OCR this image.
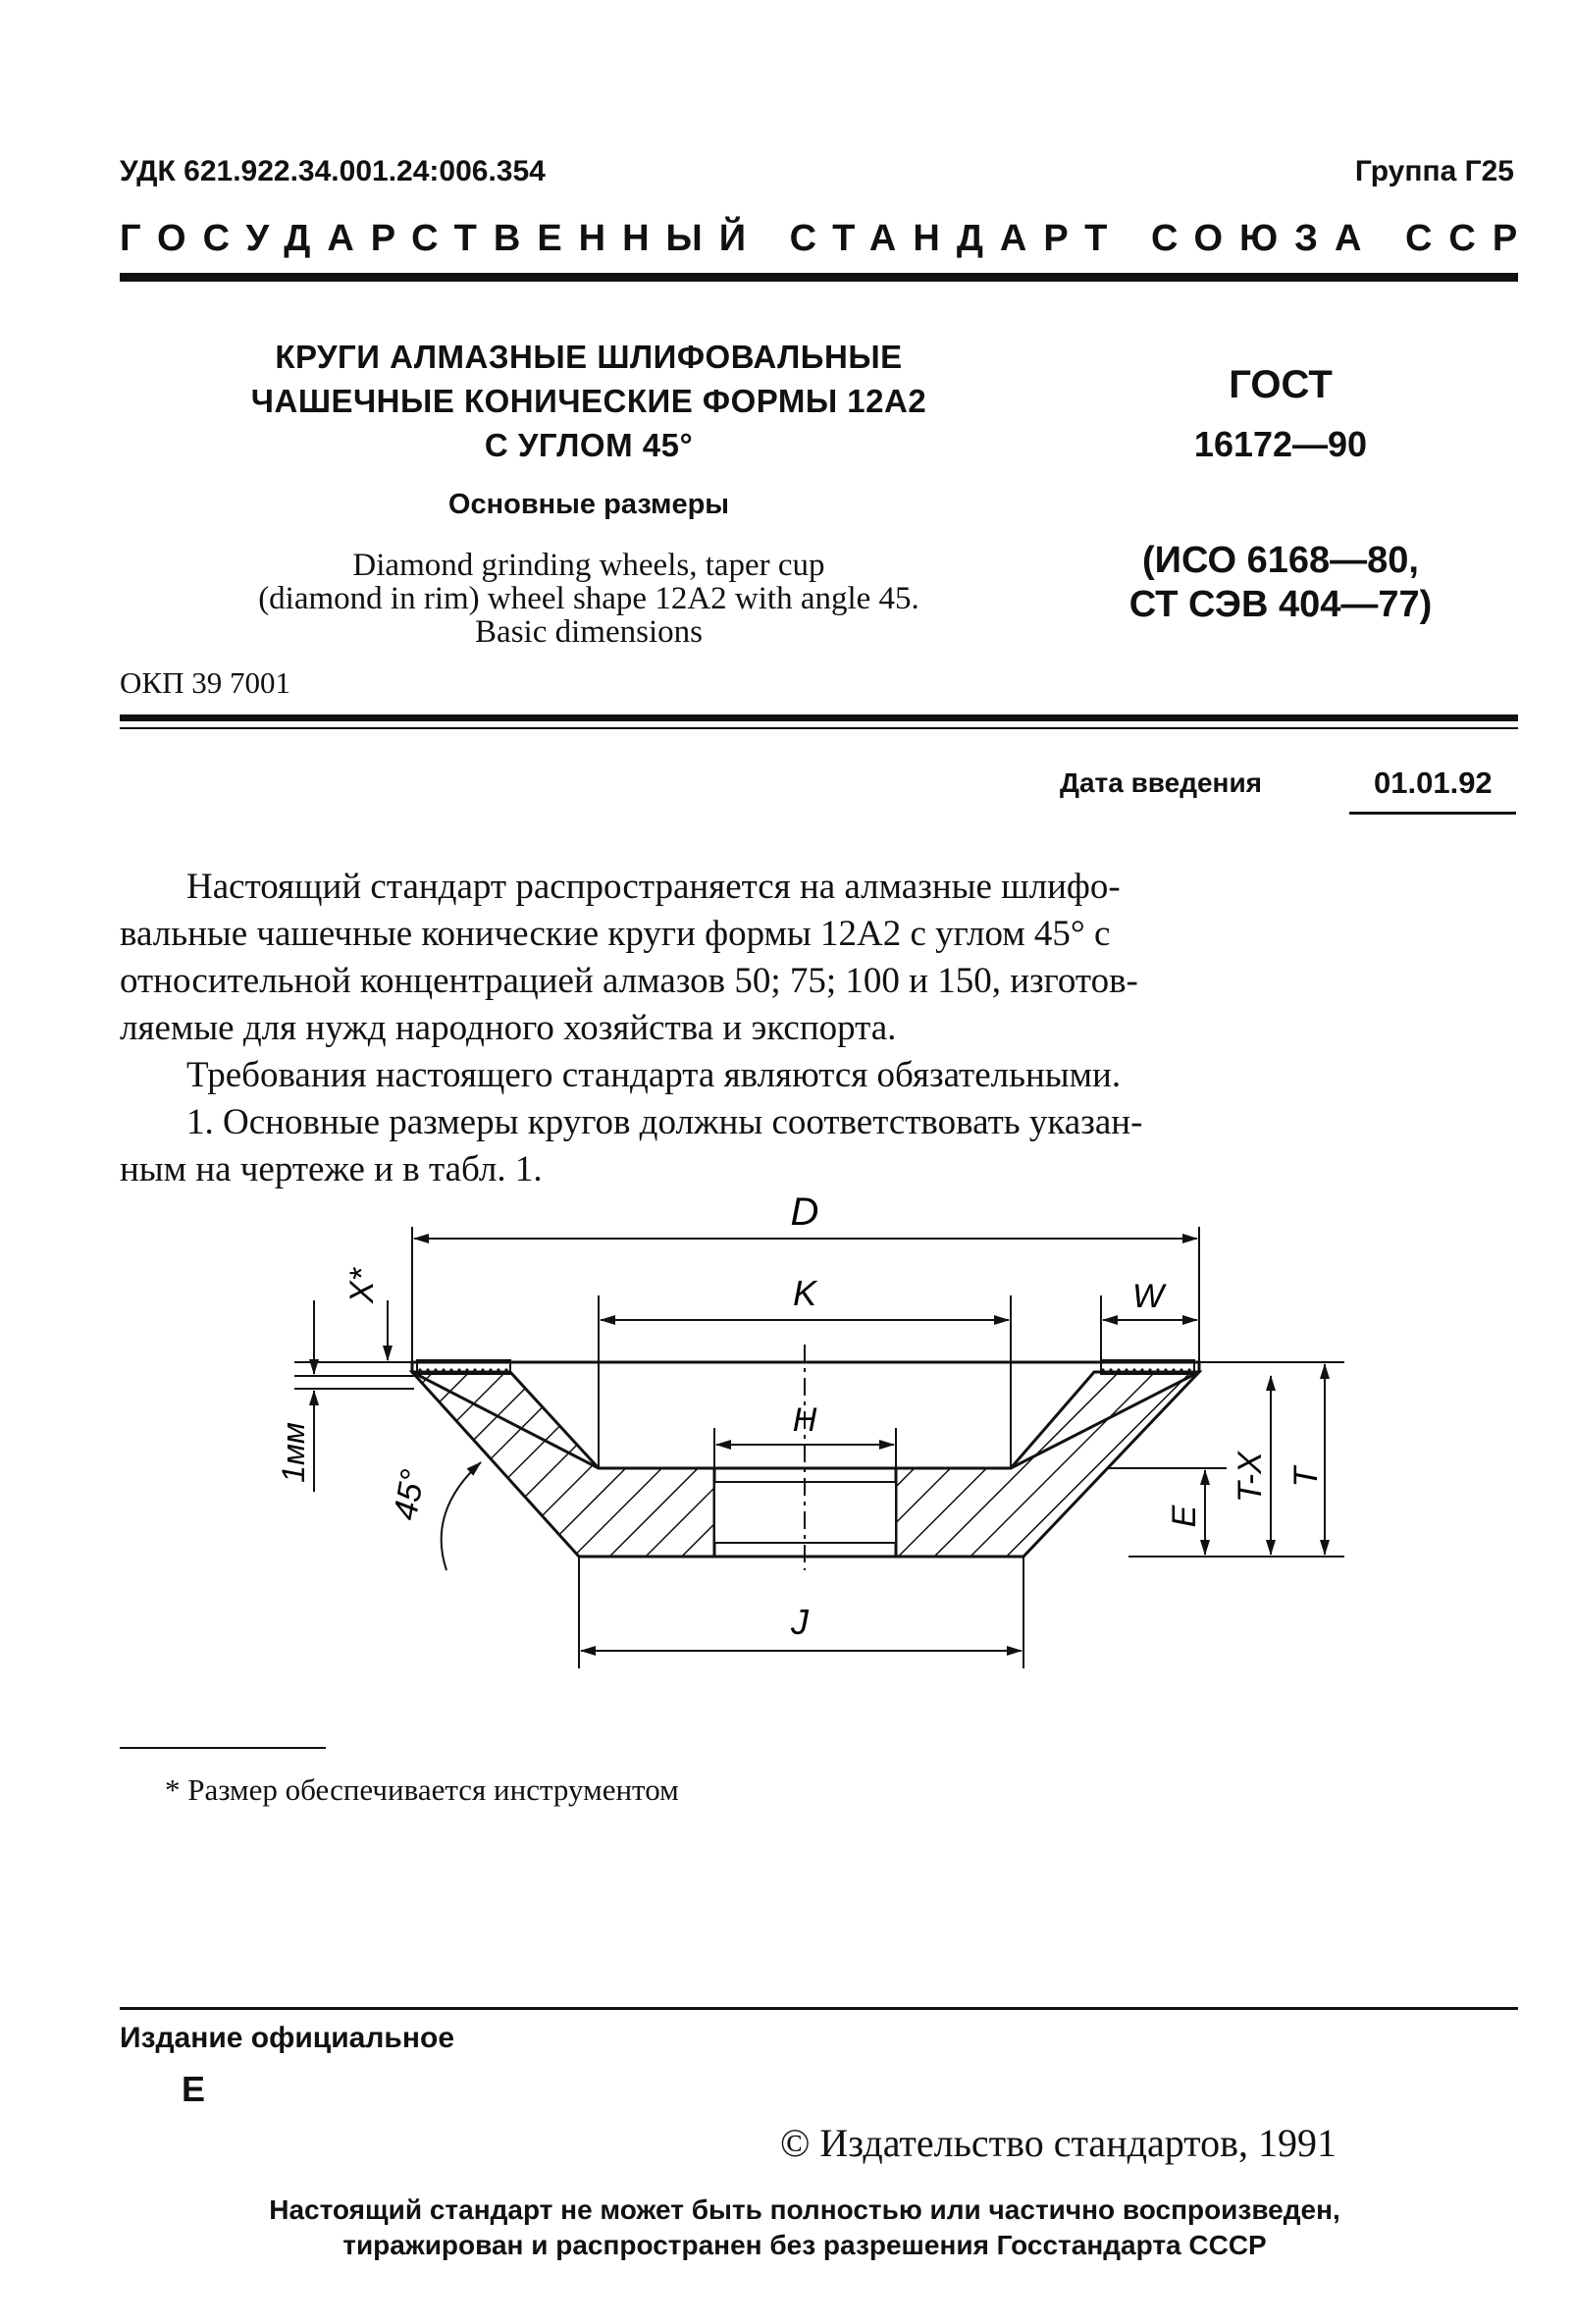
УДК 621.922.34.001.24:006.354	Группа Г25
ГОСУДАРСТВЕННЫЙ СТАНДАРТ СОЮЗА ССР
КРУГИ АЛМАЗНЫЕ ШЛИФОВАЛЬНЫЕ
ЧАШЕЧНЫЕ КОНИЧЕСКИЕ ФОРМЫ 12А2
С УГЛОМ 45°
Основные размеры
Diamond grinding wheels, taper cup
(diamond in rim) wheel shape 12A2 with angle 45.
Basic dimensions
ОКП 39 7001
ГОСТ
16172—90
(ИСО 6168—80,
СТ СЭВ 404—77)
Дата введения	01.01.92
Настоящий стандарт распространяется на алмазные шлифо-
вальные чашечные конические круги формы 12А2 с углом 45° с
относительной концентрацией алмазов 50; 75; 100 и 150, изготов-
ляемые для нужд народного хозяйства и экспорта.
Требования настоящего стандарта являются обязательными.
1. Основные размеры кругов должны соответствовать указан-
ным на чертеже и в табл. 1.
D
K	W
H
J
T
T-X
E
X*
1мм
45°
* Размер обеспечивается инструментом
Издание официальное
Е
© Издательство стандартов, 1991
Настоящий стандарт не может быть полностью или частично воспроизведен,
тиражирован и распространен без разрешения Госстандарта СССР
